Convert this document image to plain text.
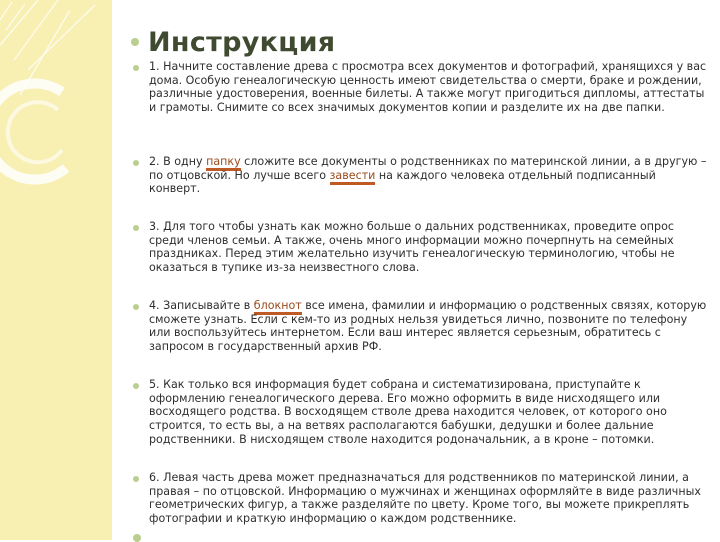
Инструкция

1. Начните составление древа с просмотра всех документов и фотографий, хранящихся у вас дома. Особую генеалогическую ценность имеют свидетельства о смерти, браке и рождении, различные удостоверения, военные билеты. А также могут пригодиться дипломы, аттестаты и грамоты. Снимите со всех значимых документов копии и разделите их на две папки.

2. В одну папку сложите все документы о родственниках по материнской линии, а в другую – по отцовской. Но лучше всего завести на каждого человека отдельный подписанный конверт.

3. Для того чтобы узнать как можно больше о дальних родственниках, проведите опрос среди членов семьи. А также, очень много информации можно почерпнуть на семейных праздниках. Перед этим желательно изучить генеалогическую терминологию, чтобы не оказаться в тупике из-за неизвестного слова.

4. Записывайте в блокнот все имена, фамилии и информацию о родственных связях, которую сможете узнать. Если с кем-то из родных нельзя увидеться лично, позвоните по телефону или воспользуйтесь интернетом. Если ваш интерес является серьезным, обратитесь с запросом в государственный архив РФ.

5. Как только вся информация будет собрана и систематизирована, приступайте к оформлению генеалогического дерева. Его можно оформить в виде нисходящего или восходящего родства. В восходящем стволе древа находится человек, от которого оно строится, то есть вы, а на ветвях располагаются бабушки, дедушки и более дальние родственники. В нисходящем стволе находится родоначальник, а в кроне – потомки.

6. Левая часть древа может предназначаться для родственников по материнской линии, а правая – по отцовской. Информацию о мужчинах и женщинах оформляйте в виде различных геометрических фигур, а также разделяйте по цвету. Кроме того, вы можете прикреплять фотографии и краткую информацию о каждом родственнике.
